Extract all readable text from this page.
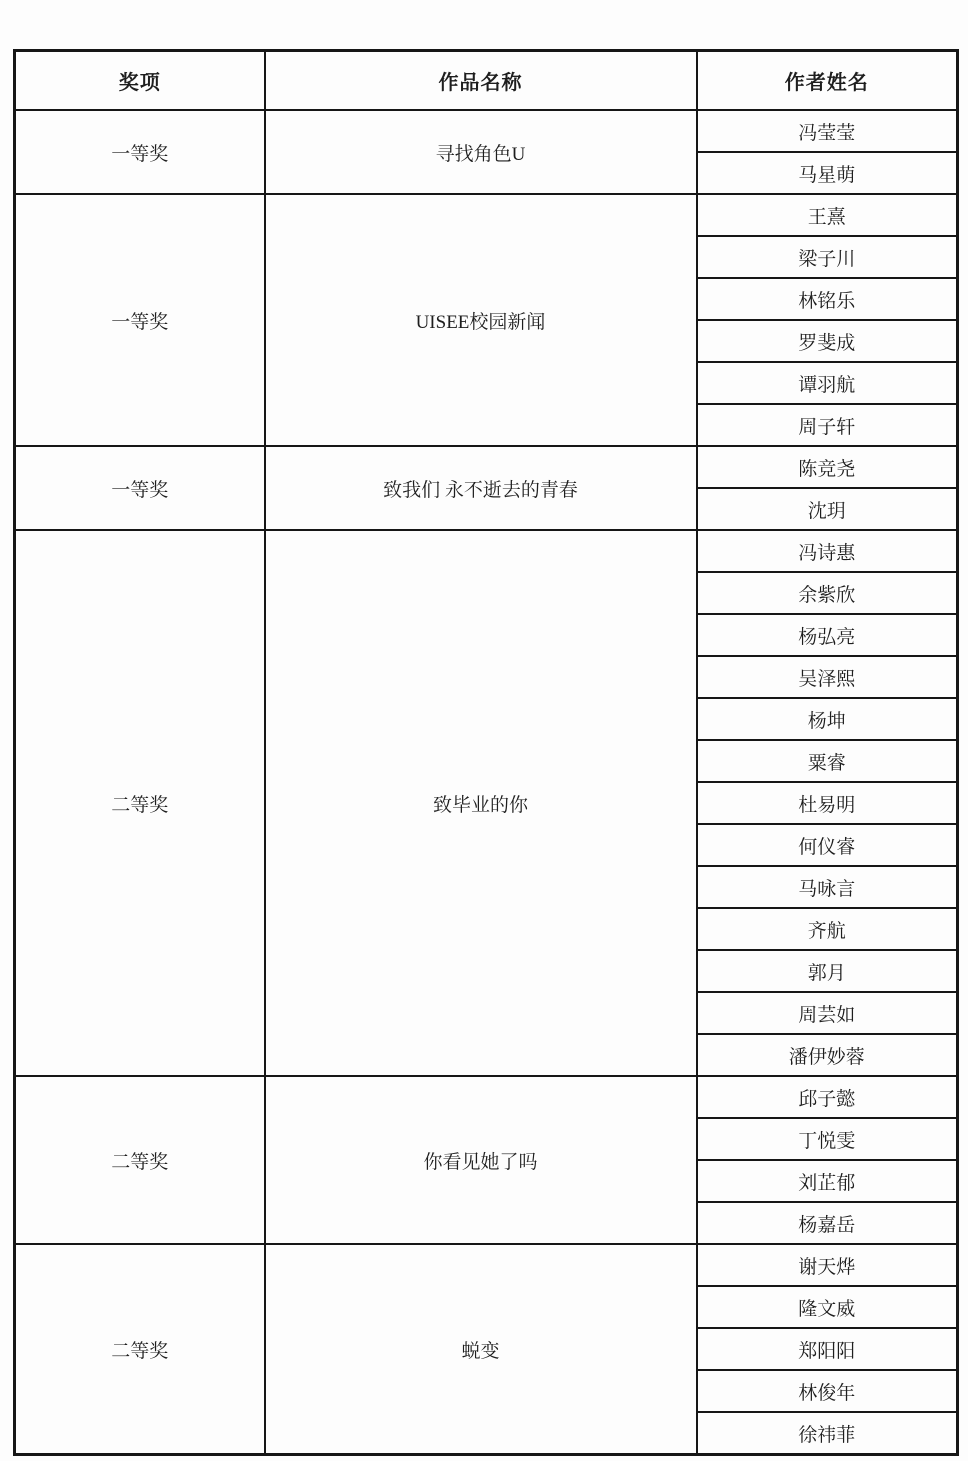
奖项	作品名称	作者姓名
一等奖	寻找角色U	冯莹莹
		马星萌
一等奖	UISEE校园新闻	王熹
		梁子川
		林铭乐
		罗斐成
		谭羽航
		周子轩
一等奖	致我们 永不逝去的青春	陈竞尧
		沈玥
二等奖	致毕业的你	冯诗惠
		余紫欣
		杨弘亮
		吴泽熙
		杨坤
		粟睿
		杜易明
		何仪睿
		马咏言
		齐航
		郭月
		周芸如
		潘伊妙蓉
二等奖	你看见她了吗	邱子懿
		丁悦雯
		刘芷郁
		杨嘉岳
二等奖	蜕变	谢天烨
		隆文威
		郑阳阳
		林俊年
		徐祎菲
